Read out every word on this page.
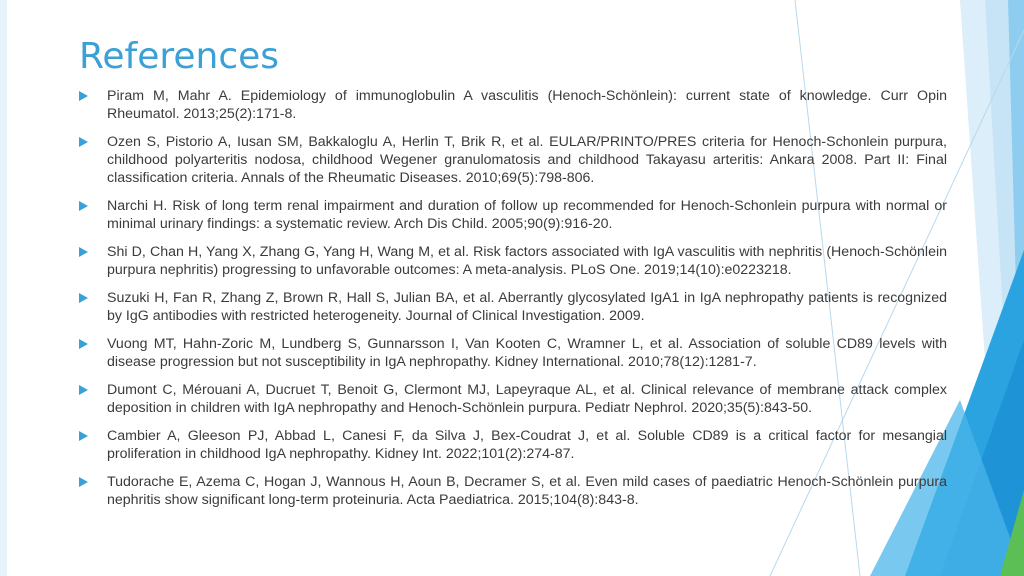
References
Piram M, Mahr A. Epidemiology of immunoglobulin A vasculitis (Henoch-Schönlein): current state of knowledge. Curr Opin Rheumatol. 2013;25(2):171-8.
Ozen S, Pistorio A, Iusan SM, Bakkaloglu A, Herlin T, Brik R, et al. EULAR/PRINTO/PRES criteria for Henoch-Schonlein purpura, childhood polyarteritis nodosa, childhood Wegener granulomatosis and childhood Takayasu arteritis: Ankara 2008. Part II: Final classification criteria. Annals of the Rheumatic Diseases. 2010;69(5):798-806.
Narchi H. Risk of long term renal impairment and duration of follow up recommended for Henoch-Schonlein purpura with normal or minimal urinary findings: a systematic review. Arch Dis Child. 2005;90(9):916-20.
Shi D, Chan H, Yang X, Zhang G, Yang H, Wang M, et al. Risk factors associated with IgA vasculitis with nephritis (Henoch-Schönlein purpura nephritis) progressing to unfavorable outcomes: A meta-analysis. PLoS One. 2019;14(10):e0223218.
Suzuki H, Fan R, Zhang Z, Brown R, Hall S, Julian BA, et al. Aberrantly glycosylated IgA1 in IgA nephropathy patients is recognized by IgG antibodies with restricted heterogeneity. Journal of Clinical Investigation. 2009.
Vuong MT, Hahn-Zoric M, Lundberg S, Gunnarsson I, Van Kooten C, Wramner L, et al. Association of soluble CD89 levels with disease progression but not susceptibility in IgA nephropathy. Kidney International. 2010;78(12):1281-7.
Dumont C, Mérouani A, Ducruet T, Benoit G, Clermont MJ, Lapeyraque AL, et al. Clinical relevance of membrane attack complex deposition in children with IgA nephropathy and Henoch-Schönlein purpura. Pediatr Nephrol. 2020;35(5):843-50.
Cambier A, Gleeson PJ, Abbad L, Canesi F, da Silva J, Bex-Coudrat J, et al. Soluble CD89 is a critical factor for mesangial proliferation in childhood IgA nephropathy. Kidney Int. 2022;101(2):274-87.
Tudorache E, Azema C, Hogan J, Wannous H, Aoun B, Decramer S, et al. Even mild cases of paediatric Henoch-Schönlein purpura nephritis show significant long-term proteinuria. Acta Paediatrica. 2015;104(8):843-8.
